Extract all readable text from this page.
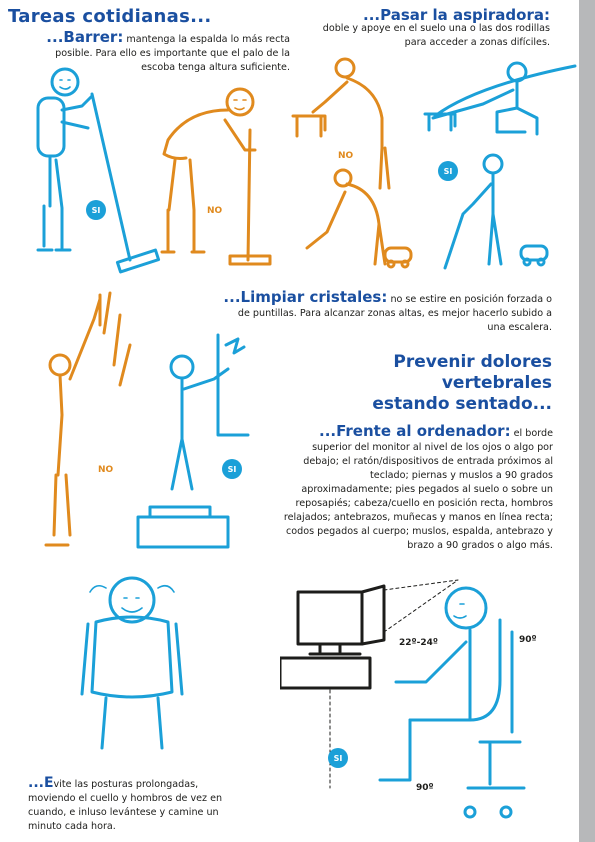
Tareas cotidianas...
...Barrer: mantenga la espalda lo más recta posible. Para ello es importante que el palo de la escoba tenga altura suficiente.
...Pasar la aspiradora:
doble y apoye en el suelo una o las dos rodillas para acceder a zonas difíciles.
SI	NO
NO
SI
...Limpiar cristales: no se estire en posición forzada o de puntillas. Para alcanzar zonas altas, es mejor hacerlo subido a una escalera.
NO	SI
Prevenir dolores
vertebrales
estando sentado...
...Frente al ordenador: el borde superior del monitor al nivel de los ojos o algo por debajo; el ratón/dispositivos de entrada próximos al teclado; piernas y muslos a 90 grados aproximadamente; pies pegados al suelo o sobre un reposapiés; cabeza/cuello en posición recta, hombros relajados; antebrazos, muñecas y manos en línea recta; codos pegados al cuerpo; muslos, espalda, antebrazo y brazo a 90 grados o algo más.
22º-24º	90º
90º
SI
...Evite las posturas prolongadas, moviendo el cuello y hombros de vez en cuando, e inluso levántese y camine un minuto cada hora.
